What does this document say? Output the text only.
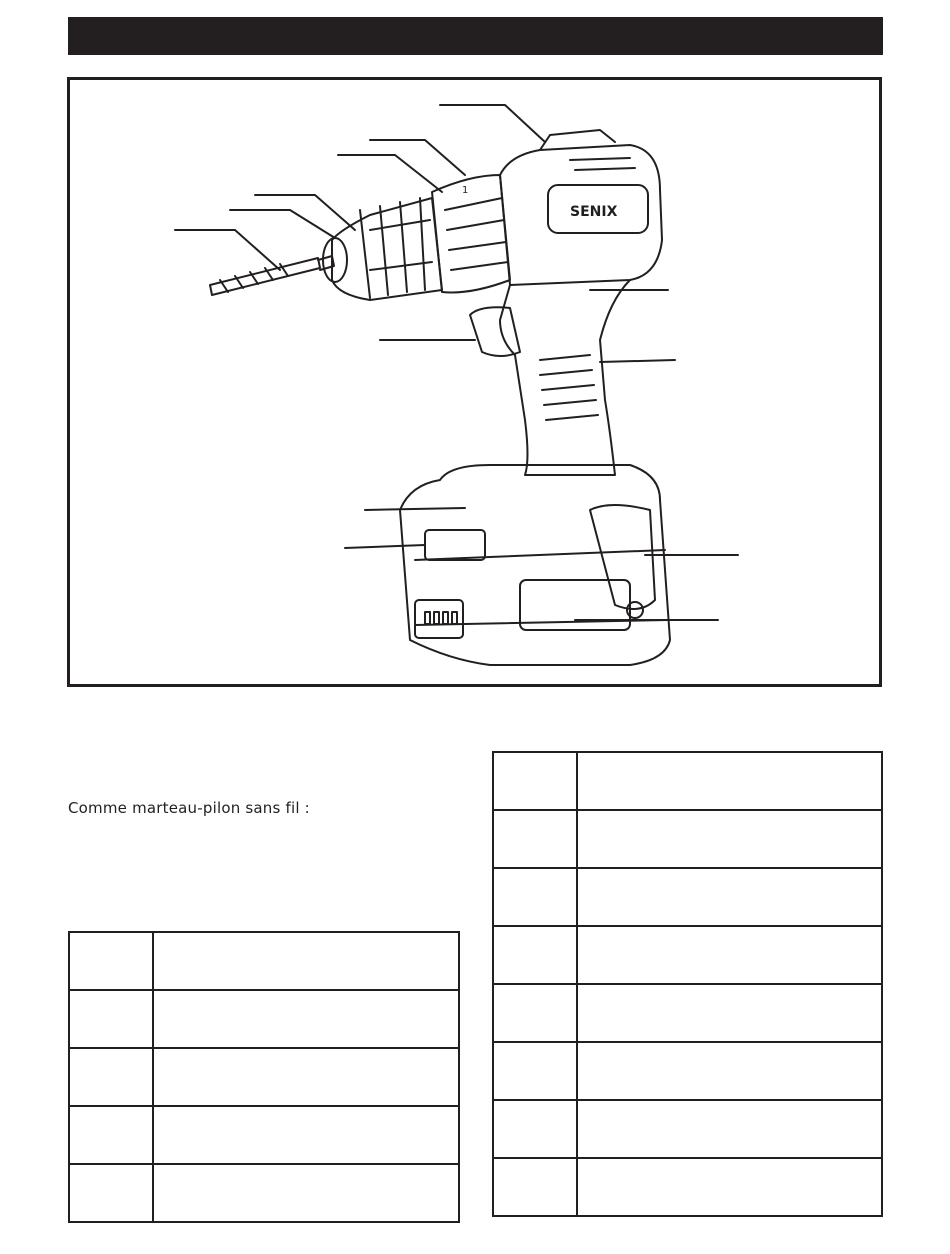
1
SENIX
Comme marteau-pilon sans fil :
